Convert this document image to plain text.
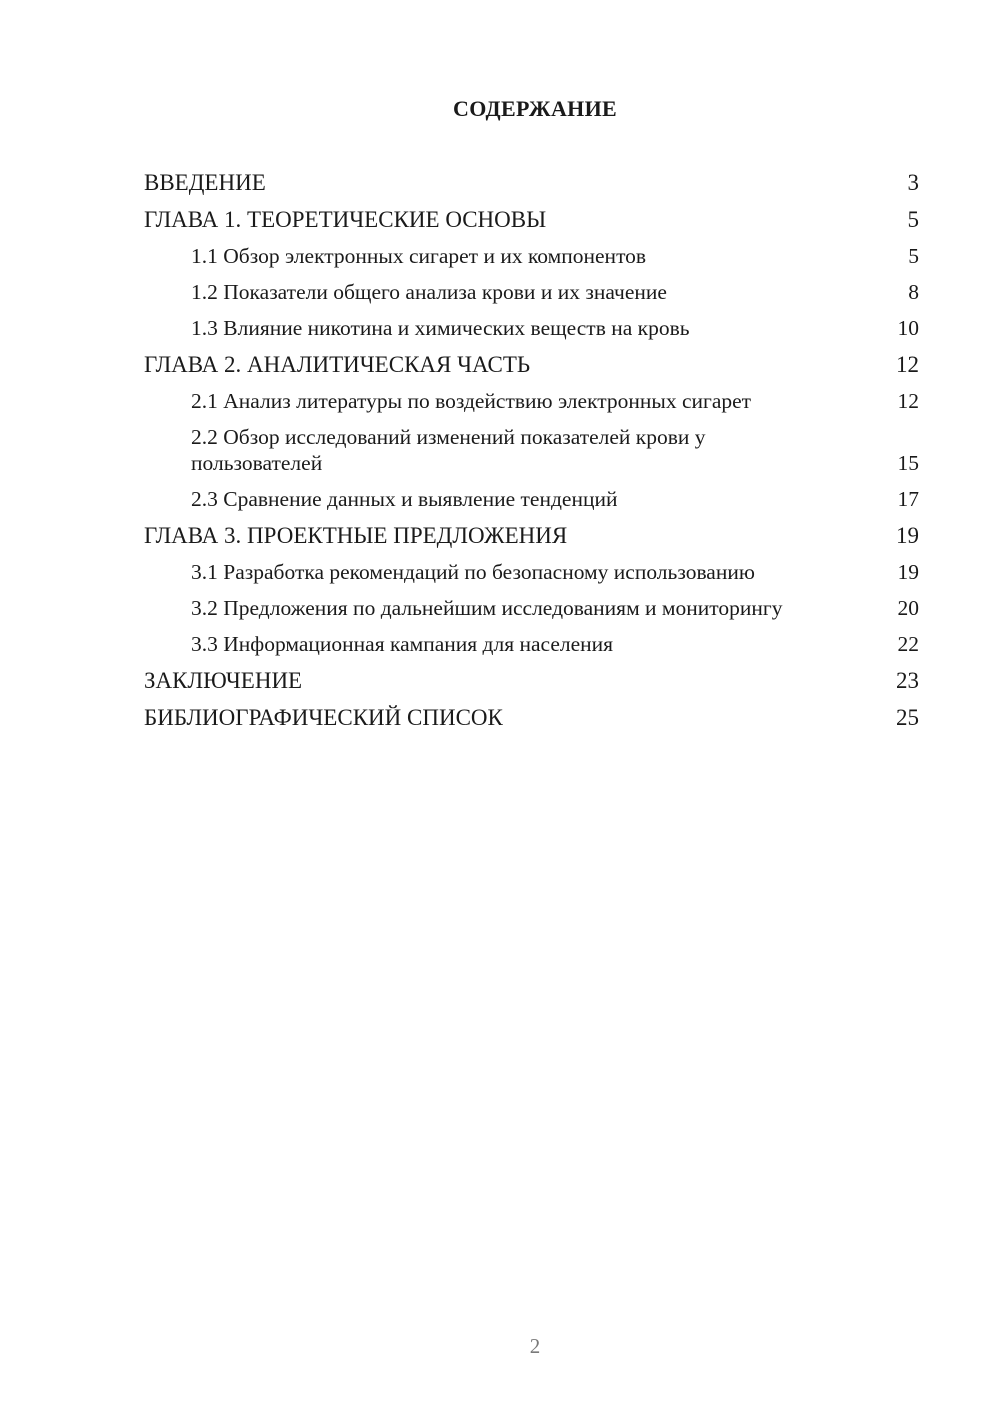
СОДЕРЖАНИЕ
ВВЕДЕНИЕ	3
ГЛАВА 1. ТЕОРЕТИЧЕСКИЕ ОСНОВЫ	5
1.1 Обзор электронных сигарет и их компонентов	5
1.2 Показатели общего анализа крови и их значение	8
1.3 Влияние никотина и химических веществ на кровь	10
ГЛАВА 2. АНАЛИТИЧЕСКАЯ ЧАСТЬ	12
2.1 Анализ литературы по воздействию электронных сигарет	12
2.2 Обзор исследований изменений показателей крови у пользователей	15
2.3 Сравнение данных и выявление тенденций	17
ГЛАВА 3. ПРОЕКТНЫЕ ПРЕДЛОЖЕНИЯ	19
3.1 Разработка рекомендаций по безопасному использованию	19
3.2 Предложения по дальнейшим исследованиям и мониторингу	20
3.3 Информационная кампания для населения	22
ЗАКЛЮЧЕНИЕ	23
БИБЛИОГРАФИЧЕСКИЙ СПИСОК	25
2
